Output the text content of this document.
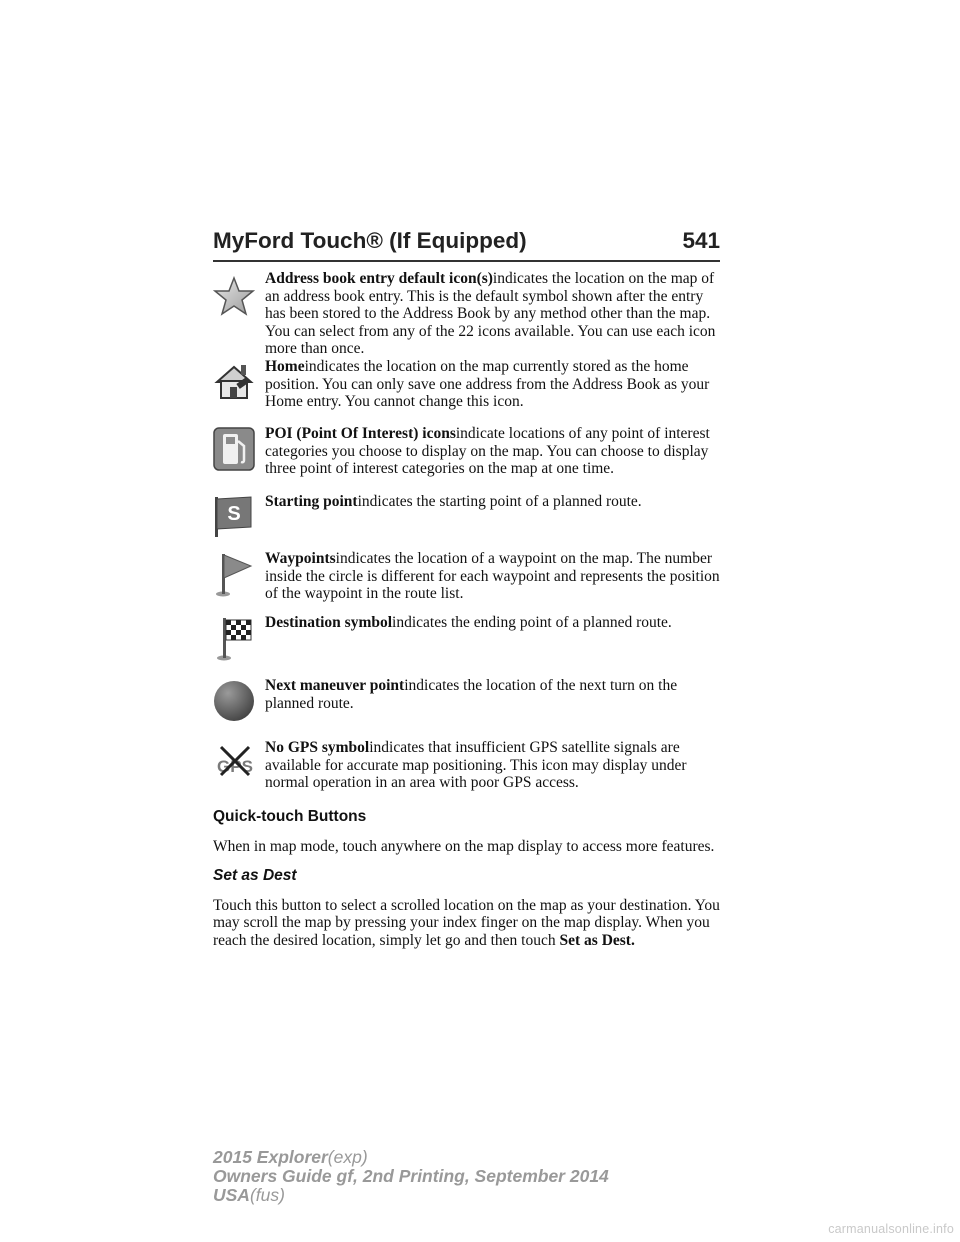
MyFord Touch® (If Equipped)	541
Address book entry default icon(s)indicates the location on the map of an address book entry. This is the default symbol shown after the entry has been stored to the Address Book by any method other than the map. You can select from any of the 22 icons available. You can use each icon more than once.
Homeindicates the location on the map currently stored as the home position. You can only save one address from the Address Book as your Home entry. You cannot change this icon.
POI (Point Of Interest) iconsindicate locations of any point of interest categories you choose to display on the map. You can choose to display three point of interest categories on the map at one time.
S
Starting pointindicates the starting point of a planned route.
Waypointsindicates the location of a waypoint on the map. The number inside the circle is different for each waypoint and represents the position of the waypoint in the route list.
Destination symbolindicates the ending point of a planned route.
Next maneuver pointindicates the location of the next turn on the planned route.
GPS
No GPS symbolindicates that insufficient GPS satellite signals are available for accurate map positioning. This icon may display under normal operation in an area with poor GPS access.
Quick-touch Buttons
When in map mode, touch anywhere on the map display to access more features.
Set as Dest
Touch this button to select a scrolled location on the map as your destination. You may scroll the map by pressing your index finger on the map display. When you reach the desired location, simply let go and then touch Set as Dest.
2015 Explorer(exp)
Owners Guide gf, 2nd Printing, September 2014
USA(fus)
carmanualsonline.info
